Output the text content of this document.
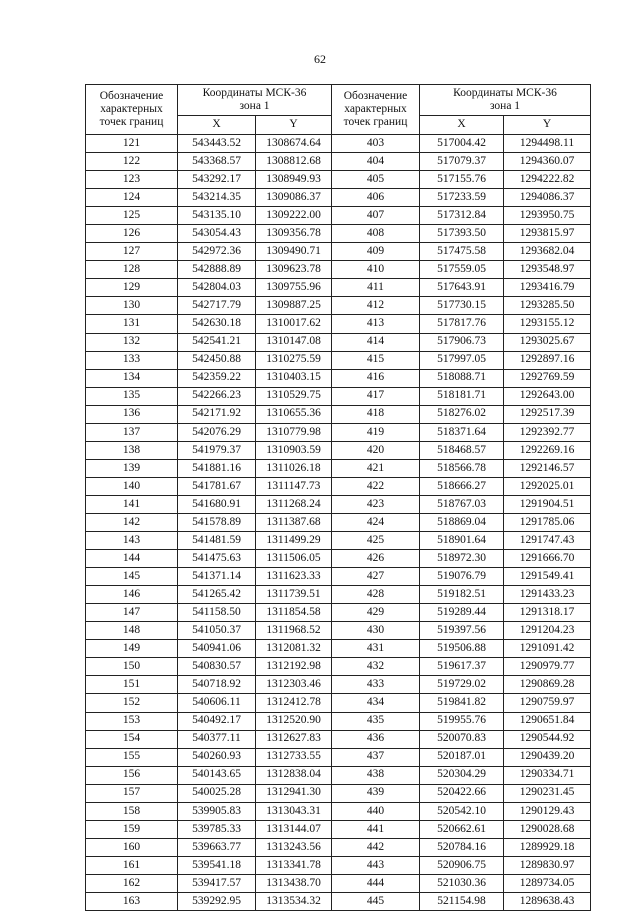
62
Обозначение
характерных
точек границ	Координаты МСК-36
зона 1		Обозначение
характерных
точек границ	Координаты МСК-36
зона 1	
	X	Y		X	Y
121	543443.52	1308674.64	403	517004.42	1294498.11
122	543368.57	1308812.68	404	517079.37	1294360.07
123	543292.17	1308949.93	405	517155.76	1294222.82
124	543214.35	1309086.37	406	517233.59	1294086.37
125	543135.10	1309222.00	407	517312.84	1293950.75
126	543054.43	1309356.78	408	517393.50	1293815.97
127	542972.36	1309490.71	409	517475.58	1293682.04
128	542888.89	1309623.78	410	517559.05	1293548.97
129	542804.03	1309755.96	411	517643.91	1293416.79
130	542717.79	1309887.25	412	517730.15	1293285.50
131	542630.18	1310017.62	413	517817.76	1293155.12
132	542541.21	1310147.08	414	517906.73	1293025.67
133	542450.88	1310275.59	415	517997.05	1292897.16
134	542359.22	1310403.15	416	518088.71	1292769.59
135	542266.23	1310529.75	417	518181.71	1292643.00
136	542171.92	1310655.36	418	518276.02	1292517.39
137	542076.29	1310779.98	419	518371.64	1292392.77
138	541979.37	1310903.59	420	518468.57	1292269.16
139	541881.16	1311026.18	421	518566.78	1292146.57
140	541781.67	1311147.73	422	518666.27	1292025.01
141	541680.91	1311268.24	423	518767.03	1291904.51
142	541578.89	1311387.68	424	518869.04	1291785.06
143	541481.59	1311499.29	425	518901.64	1291747.43
144	541475.63	1311506.05	426	518972.30	1291666.70
145	541371.14	1311623.33	427	519076.79	1291549.41
146	541265.42	1311739.51	428	519182.51	1291433.23
147	541158.50	1311854.58	429	519289.44	1291318.17
148	541050.37	1311968.52	430	519397.56	1291204.23
149	540941.06	1312081.32	431	519506.88	1291091.42
150	540830.57	1312192.98	432	519617.37	1290979.77
151	540718.92	1312303.46	433	519729.02	1290869.28
152	540606.11	1312412.78	434	519841.82	1290759.97
153	540492.17	1312520.90	435	519955.76	1290651.84
154	540377.11	1312627.83	436	520070.83	1290544.92
155	540260.93	1312733.55	437	520187.01	1290439.20
156	540143.65	1312838.04	438	520304.29	1290334.71
157	540025.28	1312941.30	439	520422.66	1290231.45
158	539905.83	1313043.31	440	520542.10	1290129.43
159	539785.33	1313144.07	441	520662.61	1290028.68
160	539663.77	1313243.56	442	520784.16	1289929.18
161	539541.18	1313341.78	443	520906.75	1289830.97
162	539417.57	1313438.70	444	521030.36	1289734.05
163	539292.95	1313534.32	445	521154.98	1289638.43
